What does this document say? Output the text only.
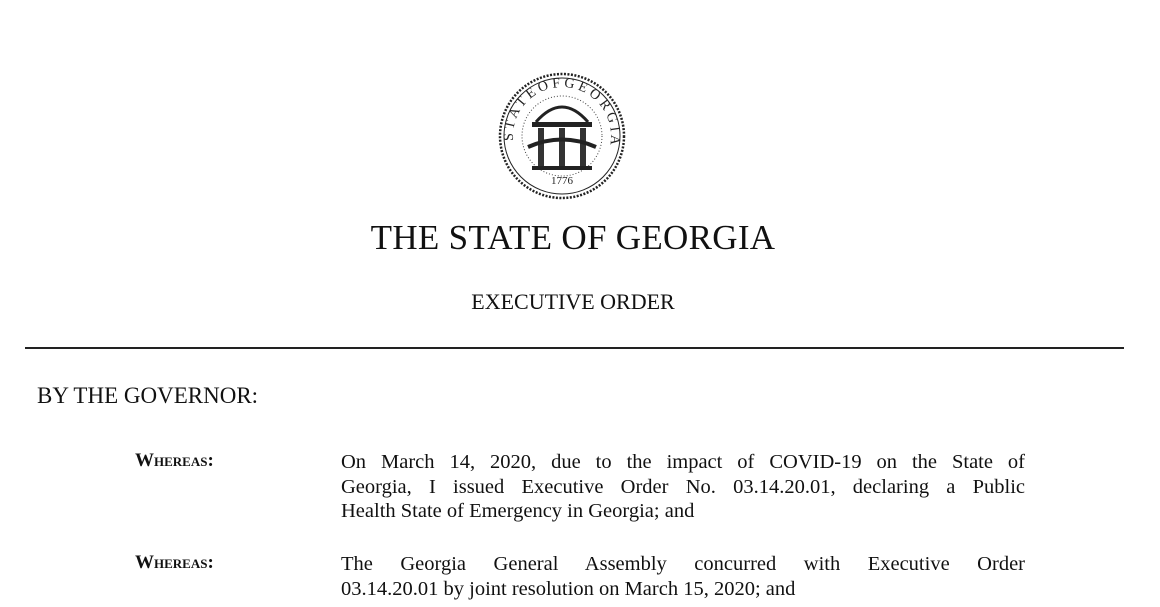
S T A T E O F G E O R G I A
1776
THE STATE OF GEORGIA
EXECUTIVE ORDER
BY THE GOVERNOR:
Whereas:	On March 14, 2020, due to the impact of COVID-19 on the State of
Georgia, I issued Executive Order No. 03.14.20.01, declaring a Public
Health State of Emergency in Georgia; and
Whereas:	The Georgia General Assembly concurred with Executive Order
03.14.20.01 by joint resolution on March 15, 2020; and
